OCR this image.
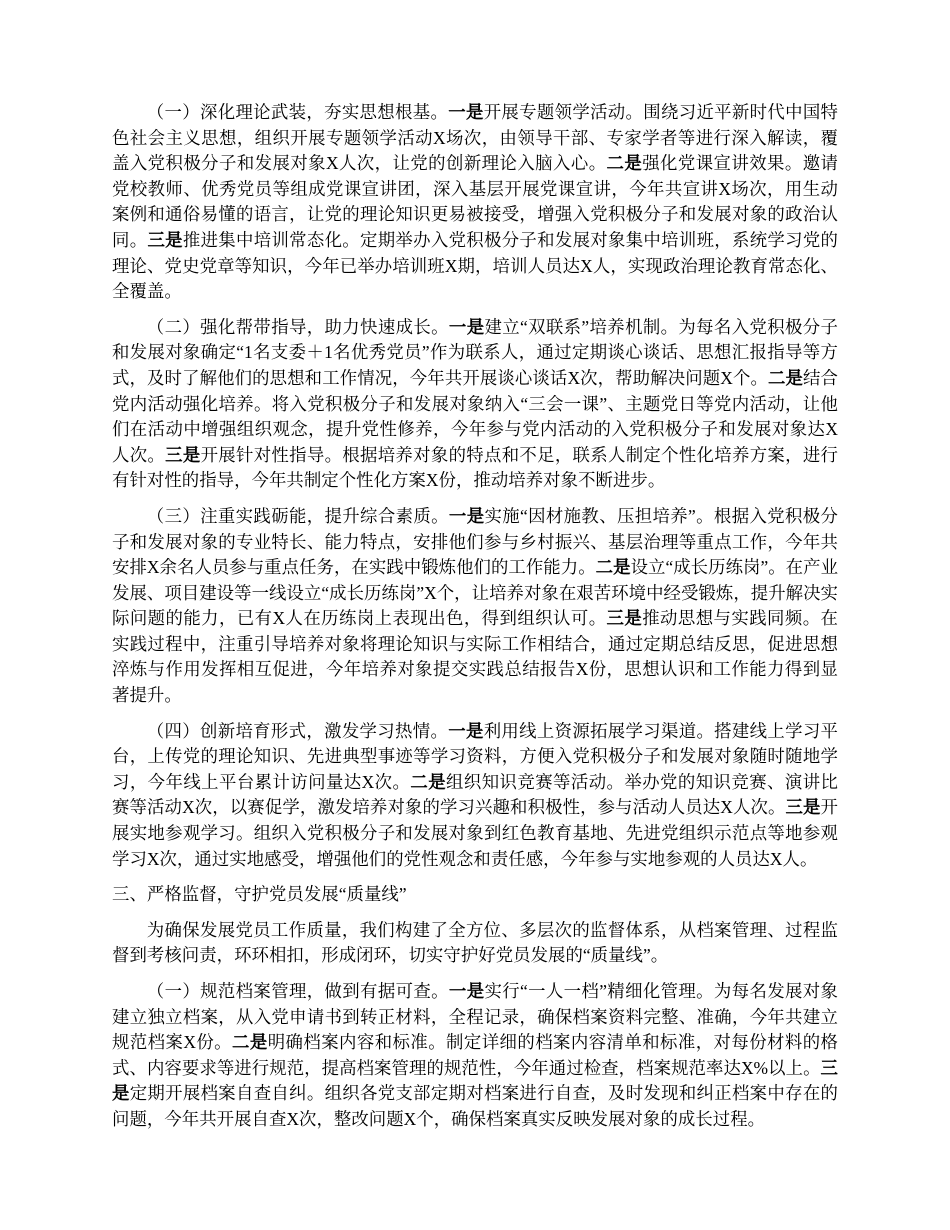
（一）深化理论武装，夯实思想根基。一是开展专题领学活动。围绕习近平新时代中国特色社会主义思想，组织开展专题领学活动X场次，由领导干部、专家学者等进行深入解读，覆盖入党积极分子和发展对象X人次，让党的创新理论入脑入心。二是强化党课宣讲效果。邀请党校教师、优秀党员等组成党课宣讲团，深入基层开展党课宣讲，今年共宣讲X场次，用生动案例和通俗易懂的语言，让党的理论知识更易被接受，增强入党积极分子和发展对象的政治认同。三是推进集中培训常态化。定期举办入党积极分子和发展对象集中培训班，系统学习党的理论、党史党章等知识，今年已举办培训班X期，培训人员达X人，实现政治理论教育常态化、全覆盖。

（二）强化帮带指导，助力快速成长。一是建立“双联系”培养机制。为每名入党积极分子和发展对象确定“1名支委＋1名优秀党员”作为联系人，通过定期谈心谈话、思想汇报指导等方式，及时了解他们的思想和工作情况，今年共开展谈心谈话X次，帮助解决问题X个。二是结合党内活动强化培养。将入党积极分子和发展对象纳入“三会一课”、主题党日等党内活动，让他们在活动中增强组织观念，提升党性修养，今年参与党内活动的入党积极分子和发展对象达X人次。三是开展针对性指导。根据培养对象的特点和不足，联系人制定个性化培养方案，进行有针对性的指导，今年共制定个性化方案X份，推动培养对象不断进步。

（三）注重实践砺能，提升综合素质。一是实施“因材施教、压担培养”。根据入党积极分子和发展对象的专业特长、能力特点，安排他们参与乡村振兴、基层治理等重点工作，今年共安排X余名人员参与重点任务，在实践中锻炼他们的工作能力。二是设立“成长历练岗”。在产业发展、项目建设等一线设立“成长历练岗”X个，让培养对象在艰苦环境中经受锻炼，提升解决实际问题的能力，已有X人在历练岗上表现出色，得到组织认可。三是推动思想与实践同频。在实践过程中，注重引导培养对象将理论知识与实际工作相结合，通过定期总结反思，促进思想淬炼与作用发挥相互促进，今年培养对象提交实践总结报告X份，思想认识和工作能力得到显著提升。

（四）创新培育形式，激发学习热情。一是利用线上资源拓展学习渠道。搭建线上学习平台，上传党的理论知识、先进典型事迹等学习资料，方便入党积极分子和发展对象随时随地学习，今年线上平台累计访问量达X次。二是组织知识竞赛等活动。举办党的知识竞赛、演讲比赛等活动X次，以赛促学，激发培养对象的学习兴趣和积极性，参与活动人员达X人次。三是开展实地参观学习。组织入党积极分子和发展对象到红色教育基地、先进党组织示范点等地参观学习X次，通过实地感受，增强他们的党性观念和责任感，今年参与实地参观的人员达X人。

三、严格监督，守护党员发展“质量线”

为确保发展党员工作质量，我们构建了全方位、多层次的监督体系，从档案管理、过程监督到考核问责，环环相扣，形成闭环，切实守护好党员发展的“质量线”。

（一）规范档案管理，做到有据可查。一是实行“一人一档”精细化管理。为每名发展对象建立独立档案，从入党申请书到转正材料，全程记录，确保档案资料完整、准确，今年共建立规范档案X份。二是明确档案内容和标准。制定详细的档案内容清单和标准，对每份材料的格式、内容要求等进行规范，提高档案管理的规范性，今年通过检查，档案规范率达X%以上。三是定期开展档案自查自纠。组织各党支部定期对档案进行自查，及时发现和纠正档案中存在的问题，今年共开展自查X次，整改问题X个，确保档案真实反映发展对象的成长过程。
